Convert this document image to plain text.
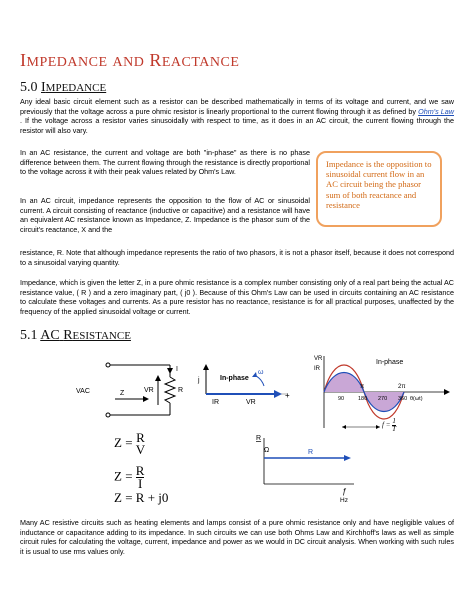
IMPEDANCE AND REACTANCE
5.0 IMPEDANCE

Any ideal basic circuit element such as a resistor can be described mathematically in terms of its voltage and current, and we saw previously that the voltage across a pure ohmic resistor is linearly proportional to the current flowing through it as defined by Ohm's Law . If the voltage across a resistor varies sinusoidally with respect to time, as it does in an AC circuit, the current flowing through the resistor will also vary.

In an AC resistance, the current and voltage are both "in-phase" as there is no phase difference between them. The current flowing through the resistance is directly proportional to the voltage across it with their peak values related by Ohm's Law.

In an AC circuit, impedance represents the opposition to the flow of AC or sinusoidal current. A circuit consisting of reactance (inductive or capacitive) and a resistance will have an equivalent AC resistance known as Impedance, Z. Impedance is the phasor sum of the circuit's reactance, X and the

Impedance is the opposition to sinusoidal current flow in an AC circuit being the phasor sum of both reactance and resistance

resistance, R. Note that although impedance represents the ratio of two phasors, it is not a phasor itself, because it does not correspond to a sinusoidal varying quantity.

Impedance, which is given the letter Z, in a pure ohmic resistance is a complex number consisting only of a real part being the actual AC resistance value, ( R ) and a zero imaginary part, ( j0 ). Because of this Ohm's Law can be used in circuits containing an AC resistance to calculate these voltages and currents. As a pure resistor has no reactance, resistance is for all practical purposes, unaffected by the frequency of the applied sinusoidal voltage or current.

5.1 AC RESISTANCE
VAC
I
Z	VR	R
j	In-phase
ω
IR	VR
+
VR
IR
In-phase
π	2π
90	180 270 360 θ(ωt)
$f = \frac{1}{T}$
Z = R
V
$Z = \frac{R}{I}$
Z = R + j0
R
Ω	R
ƒ
Hz

Many AC resistive circuits such as heating elements and lamps consist of a pure ohmic resistance only and have negligible values of inductance or capacitance adding to its impedance. In such circuits we can use both Ohms Law and Kirchhoff's laws as well as simple circuit rules for calculating the voltage, current, impedance and power as we would in DC circuit analysis. When working with such rules it is usual to use rms values only.
